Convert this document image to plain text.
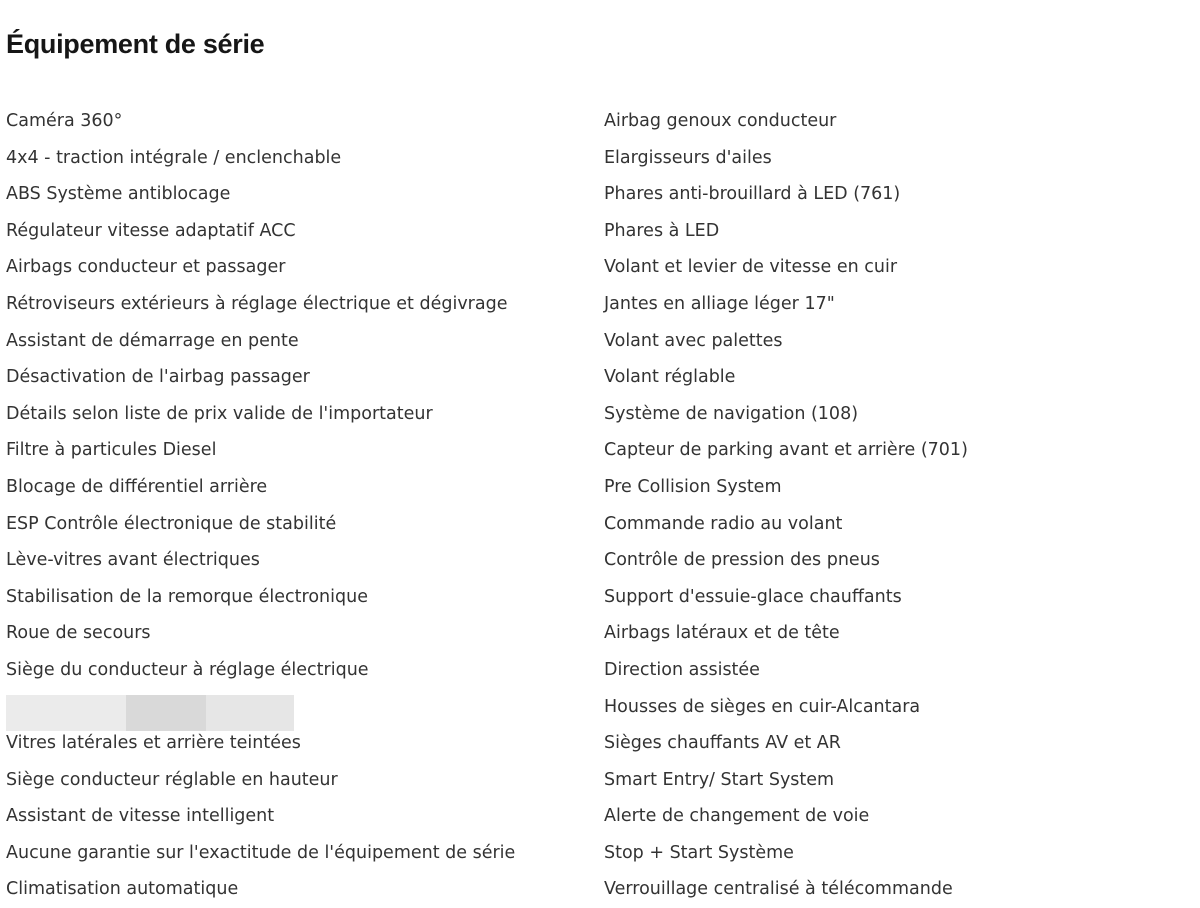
Équipement de série
Caméra 360°
4x4 - traction intégrale / enclenchable
ABS Système antiblocage
Régulateur vitesse adaptatif ACC
Airbags conducteur et passager
Rétroviseurs extérieurs à réglage électrique et dégivrage
Assistant de démarrage en pente
Désactivation de l'airbag passager
Détails selon liste de prix valide de l'importateur
Filtre à particules Diesel
Blocage de différentiel arrière
ESP Contrôle électronique de stabilité
Lève-vitres avant électriques
Stabilisation de la remorque électronique
Roue de secours
Siège du conducteur à réglage électrique
Vitres latérales et arrière teintées
Siège conducteur réglable en hauteur
Assistant de vitesse intelligent
Aucune garantie sur l'exactitude de l'équipement de série
Climatisation automatique
Airbag genoux conducteur
Elargisseurs d'ailes
Phares anti-brouillard à LED (761)
Phares à LED
Volant et levier de vitesse en cuir
Jantes en alliage léger 17"
Volant avec palettes
Volant réglable
Système de navigation (108)
Capteur de parking avant et arrière (701)
Pre Collision System
Commande radio au volant
Contrôle de pression des pneus
Support d'essuie-glace chauffants
Airbags latéraux et de tête
Direction assistée
Housses de sièges en cuir-Alcantara
Sièges chauffants AV et AR
Smart Entry/ Start System
Alerte de changement de voie
Stop + Start Système
Verrouillage centralisé à télécommande
